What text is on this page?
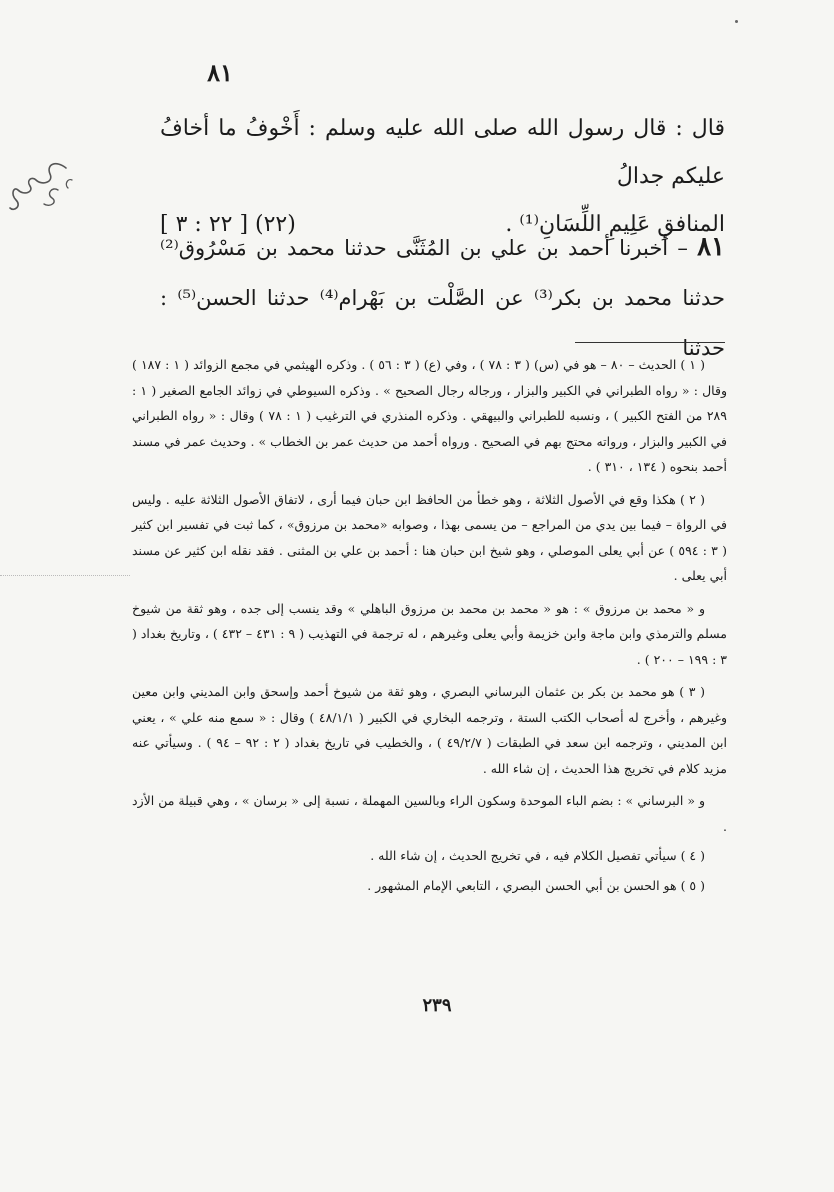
٨١

قال : قال رسول الله صلى الله عليه وسلم : أَخْوفُ ما أخافُ عليكم جدالُ

المنافقِ عَلِيمِ اللِّسَانِ⁽¹⁾ .
(٢٢) [ ٢٢ : ٣ ]

٨١ – أخبرنا أحمد بن علي بن المُثَنَّى حدثنا محمد بن مَسْرُوق⁽²⁾ حدثنا محمد بن بكر⁽³⁾ عن الصَّلْت بن بَهْرام⁽⁴⁾ حدثنا الحسن⁽⁵⁾ : حدثنا

( ١ ) الحديث – ٨٠ – هو في (س) ( ٣ : ٧٨ ) ، وفي (ع) ( ٣ : ٥٦ ) . وذكره الهيثمي في مجمع الزوائد ( ١ : ١٨٧ ) وقال : « رواه الطبراني في الكبير والبزار ، ورجاله رجال الصحيح » . وذكره السيوطي في زوائد الجامع الصغير ( ١ : ٢٨٩ من الفتح الكبير ) ، ونسبه للطبراني والبيهقي . وذكره المنذري في الترغيب ( ١ : ٧٨ ) وقال : « رواه الطبراني في الكبير والبزار ، ورواته محتج بهم في الصحيح . ورواه أحمد من حديث عمر بن الخطاب » . وحديث عمر في مسند أحمد بنحوه ( ١٣٤ ، ٣١٠ ) .

( ٢ ) هكذا وقع في الأصول الثلاثة ، وهو خطأ من الحافظ ابن حبان فيما أرى ، لاتفاق الأصول الثلاثة عليه . وليس في الرواة – فيما بين يدي من المراجع – من يسمى بهذا ، وصوابه «محمد بن مرزوق» ، كما ثبت في تفسير ابن كثير ( ٣ : ٥٩٤ ) عن أبي يعلى الموصلي ، وهو شيخ ابن حبان هنا : أحمد بن علي بن المثنى . فقد نقله ابن كثير عن مسند أبي يعلى .

و « محمد بن مرزوق » : هو « محمد بن محمد بن مرزوق الباهلي » وقد ينسب إلى جده ، وهو ثقة من شيوخ مسلم والترمذي وابن ماجة وابن خزيمة وأبي يعلى وغيرهم ، له ترجمة في التهذيب ( ٩ : ٤٣١ – ٤٣٢ ) ، وتاريخ بغداد ( ٣ : ١٩٩ – ٢٠٠ ) .

( ٣ ) هو محمد بن بكر بن عثمان البرساني البصري ، وهو ثقة من شيوخ أحمد وإسحق وابن المديني وابن معين وغيرهم ، وأخرج له أصحاب الكتب الستة ، وترجمه البخاري في الكبير ( ٤٨/١/١ ) وقال : « سمع منه علي » ، يعني ابن المديني ، وترجمه ابن سعد في الطبقات ( ٤٩/٢/٧ ) ، والخطيب في تاريخ بغداد ( ٢ : ٩٢ – ٩٤ ) . وسيأتي عنه مزيد كلام في تخريج هذا الحديث ، إن شاء الله .

و « البرساني » : بضم الباء الموحدة وسكون الراء وبالسين المهملة ، نسبة إلى « برسان » ، وهي قبيلة من الأزد .

( ٤ ) سيأتي تفصيل الكلام فيه ، في تخريج الحديث ، إن شاء الله .

( ٥ ) هو الحسن بن أبي الحسن البصري ، التابعي الإمام المشهور .

٢٣٩
